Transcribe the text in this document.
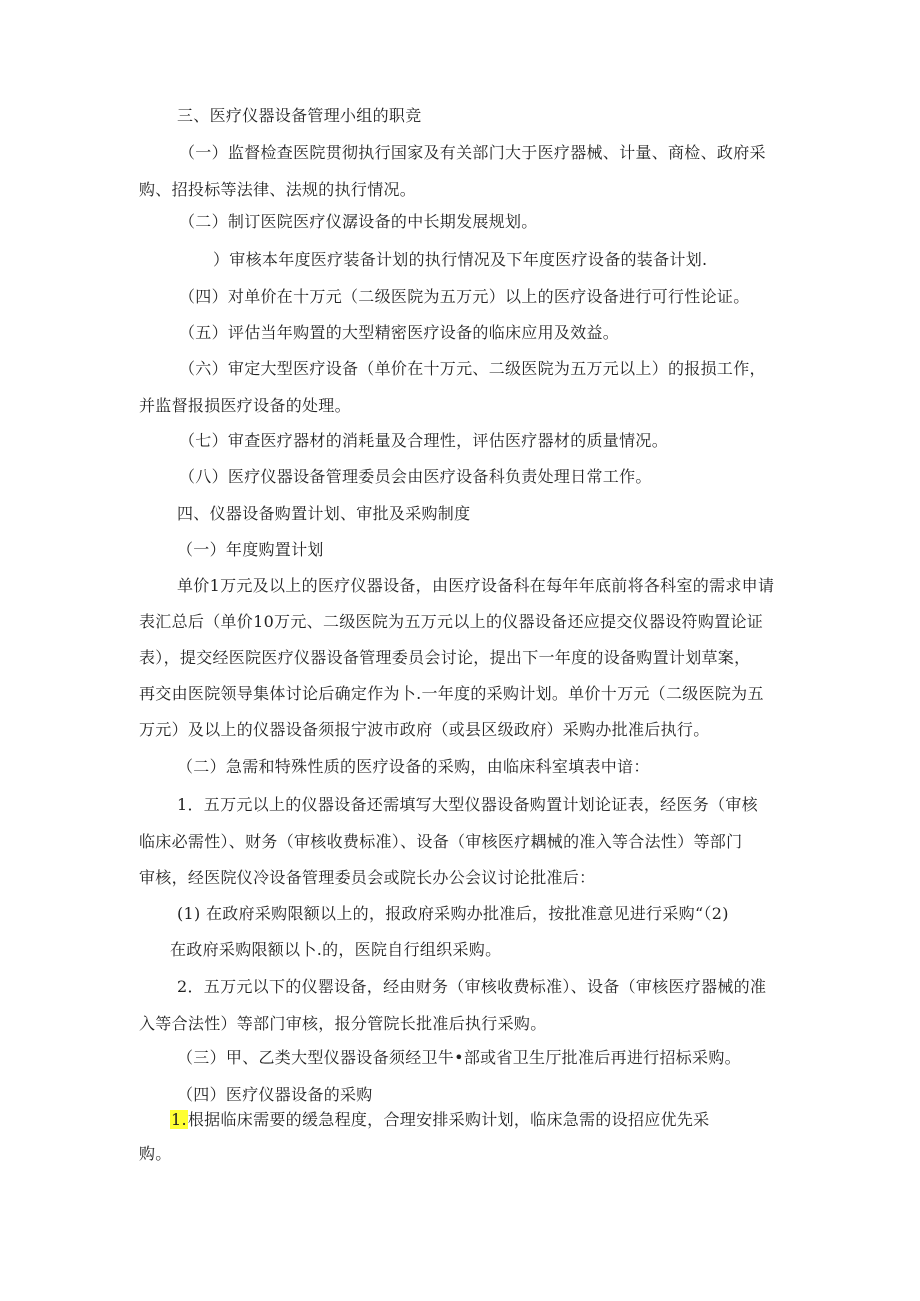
三、医疗仪器设备管理小组的职竞
（一）监督检查医院贯彻执行国家及有关部门大于医疗器械、计量、商检、政府采
购、招投标等法律、法规的执行情况。
（二）制订医院医疗仪潺设备的中长期发展规划。
）审核本年度医疗装备计划的执行情况及下年度医疗设备的装备计划.
（四）对单价在十万元（二级医院为五万元）以上的医疗设备进行可行性论证。
（五）评估当年购置的大型精密医疗设备的临床应用及效益。
（六）审定大型医疗设备（单价在十万元、二级医院为五万元以上）的报损工作，
并监督报损医疗设备的处理。
（七）审查医疗器材的消耗量及合理性，评估医疗器材的质量情况。
（八）医疗仪器设备管理委员会由医疗设备科负责处理日常工作。
四、仪器设备购置计划、审批及采购制度
（一）年度购置计划
单价1万元及以上的医疗仪器设备，由医疗设备科在每年年底前将各科室的需求申请
表汇总后（单价10万元、二级医院为五万元以上的仪器设备还应提交仪器设符购置论证
表），提交经医院医疗仪器设备管理委员会讨论，提出下一年度的设备购置计划草案，
再交由医院领导集体讨论后确定作为卜.一年度的采购计划。单价十万元（二级医院为五
万元）及以上的仪器设备须报宁波市政府（或县区级政府）采购办批准后执行。
（二）急需和特殊性质的医疗设备的采购，由临床科室填表中谙：
1．五万元以上的仪器设备还需填写大型仪器设备购置计划论证表，经医务（审核
临床必需性）、财务（审核收费标准）、设备（审核医疗耦械的准入等合法性）等部门
审核，经医院仪冷设备管理委员会或院长办公会议讨论批准后：
(1) 在政府采购限额以上的，报政府采购办批准后，按批准意见进行采购“（2)
在政府采购限额以卜.的，医院自行组织采购。
2．五万元以下的仪罂设备，经由财务（审核收费标准）、设备（审核医疗器械的准
入等合法性）等部门审核，报分管院长批准后执行采购。
（三）甲、乙类大型仪器设备须经卫牛•部或省卫生厅批准后再进行招标采购。
（四）医疗仪器设备的采购
1.根据临床需要的缓急程度，合理安排采购计划，临床急需的设招应优先采
购。
